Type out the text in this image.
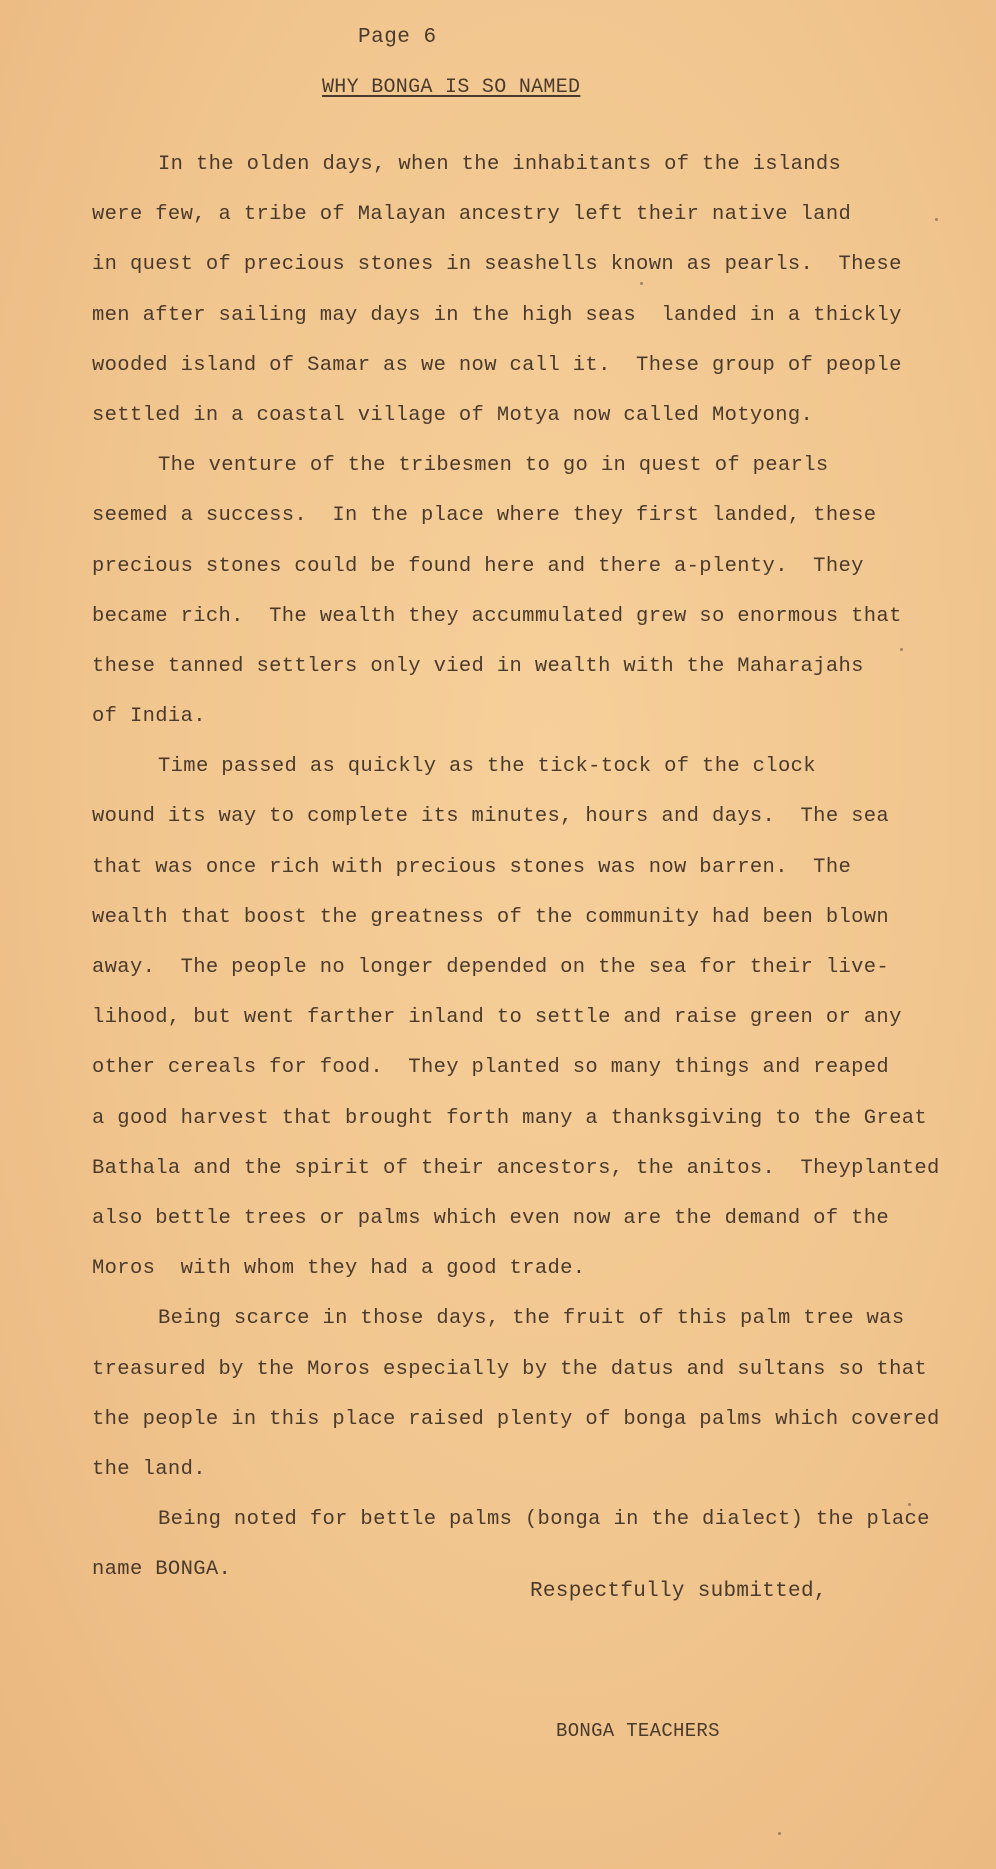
Page 6
WHY BONGA IS SO NAMED
In the olden days, when the inhabitants of the islands
were few, a tribe of Malayan ancestry left their native land
in quest of precious stones in seashells known as pearls.  These
men after sailing may days in the high seas  landed in a thickly
wooded island of Samar as we now call it.  These group of people
settled in a coastal village of Motya now called Motyong.
The venture of the tribesmen to go in quest of pearls
seemed a success.  In the place where they first landed, these
precious stones could be found here and there a-plenty.  They
became rich.  The wealth they accummulated grew so enormous that
these tanned settlers only vied in wealth with the Maharajahs
of India.
Time passed as quickly as the tick-tock of the clock
wound its way to complete its minutes, hours and days.  The sea
that was once rich with precious stones was now barren.  The
wealth that boost the greatness of the community had been blown
away.  The people no longer depended on the sea for their live-
lihood, but went farther inland to settle and raise green or any
other cereals for food.  They planted so many things and reaped
a good harvest that brought forth many a thanksgiving to the Great
Bathala and the spirit of their ancestors, the anitos.  Theyplanted
also bettle trees or palms which even now are the demand of the
Moros  with whom they had a good trade.
Being scarce in those days, the fruit of this palm tree was
treasured by the Moros especially by the datus and sultans so that
the people in this place raised plenty of bonga palms which covered
the land.
Being noted for bettle palms (bonga in the dialect) the place
name BONGA.
Respectfully submitted,
BONGA TEACHERS
